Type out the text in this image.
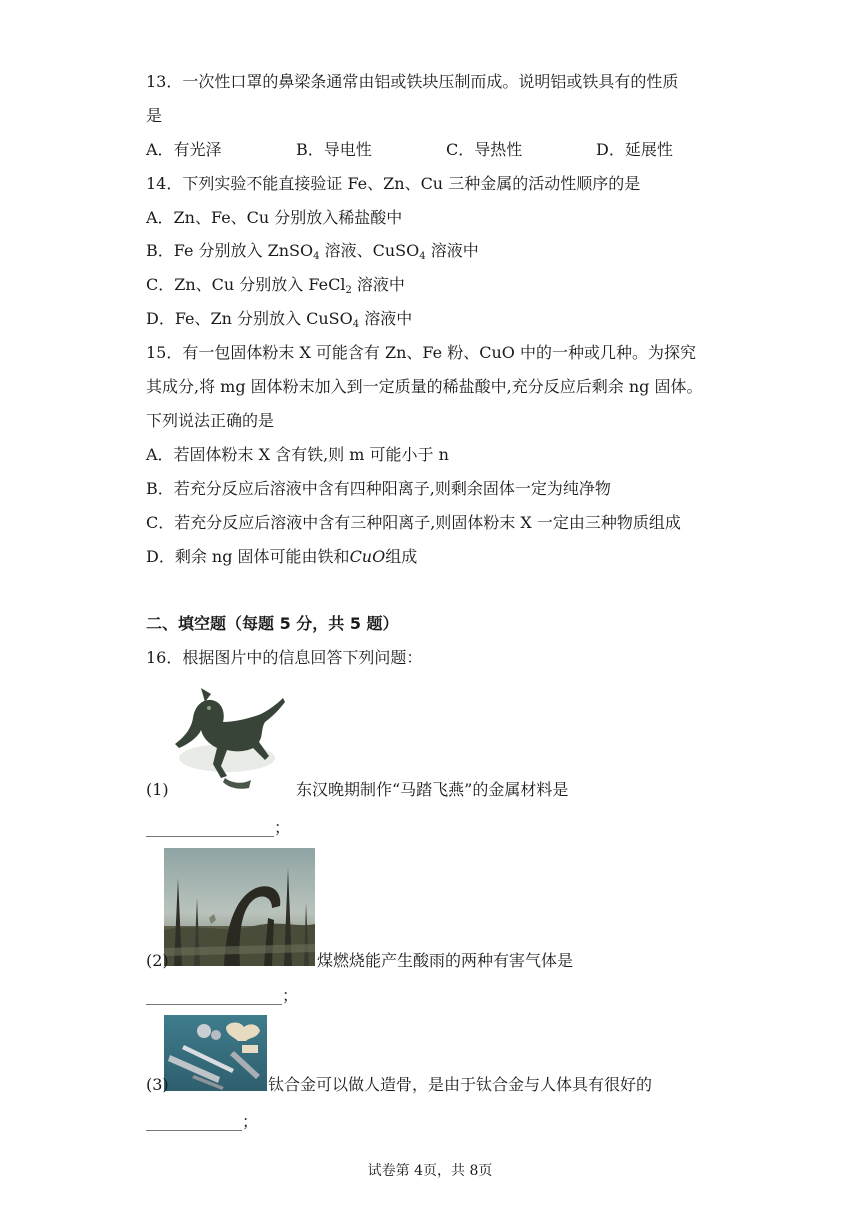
13．一次性口罩的鼻梁条通常由铝或铁块压制而成。说明铝或铁具有的性质
是
A．有光泽	B．导电性	C．导热性	D．延展性
14．下列实验不能直接验证 Fe、Zn、Cu 三种金属的活动性顺序的是
A．Zn、Fe、Cu 分别放入稀盐酸中
B．Fe 分别放入 ZnSO$_4$ 溶液、CuSO$_4$ 溶液中
C．Zn、Cu 分别放入 FeCl$_2$ 溶液中
D．Fe、Zn 分别放入 CuSO$_4$ 溶液中
15．有一包固体粉末 X 可能含有 Zn、Fe 粉、CuO 中的一种或几种。为探究
其成分,将 mg 固体粉末加入到一定质量的稀盐酸中,充分反应后剩余 ng 固体。
下列说法正确的是
A．若固体粉末 X 含有铁,则 m 可能小于 n
B．若充分反应后溶液中含有四种阳离子,则剩余固体一定为纯净物
C．若充分反应后溶液中含有三种阳离子,则固体粉末 X 一定由三种物质组成
D．剩余 ng 固体可能由铁和CuO组成
二、填空题（每题 5 分，共 5 题）
16．根据图片中的信息回答下列问题：
(1)	东汉晚期制作“马踏飞燕”的金属材料是
________________；
(2)	煤燃烧能产生酸雨的两种有害气体是
_________________；
(3)	钛合金可以做人造骨，是由于钛合金与人体具有很好的
____________；
试卷第 4页，共 8页
